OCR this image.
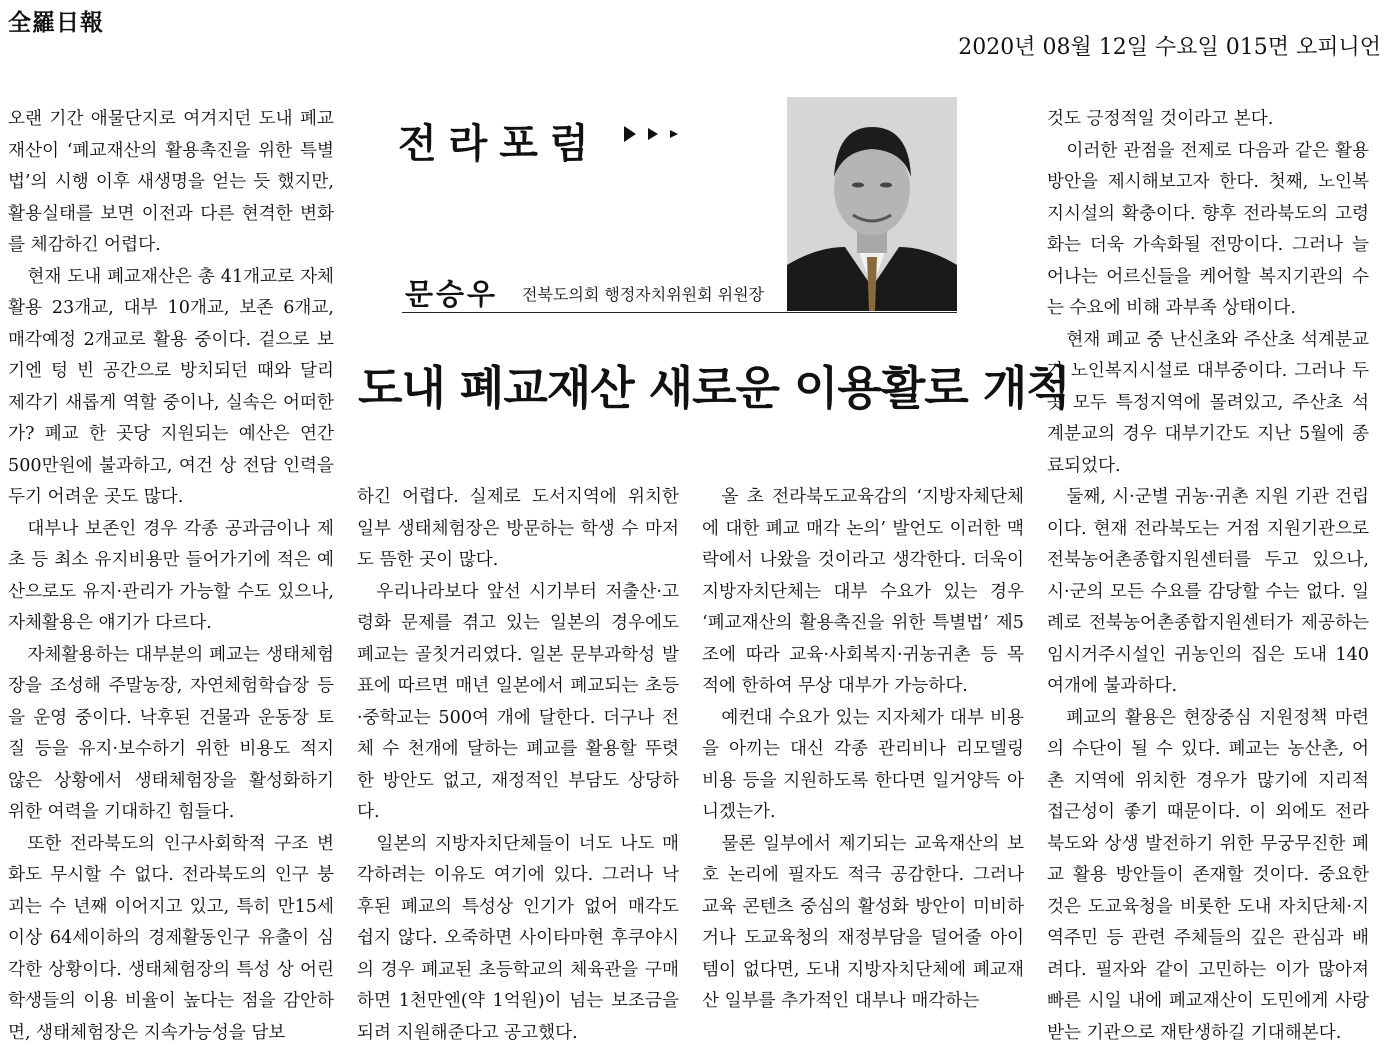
全羅日報
2020년 08월 12일 수요일 015면 오피니언
전라포럼
문승우 전북도의회 행정자치위원회 위원장
도내 폐교재산 새로운 이용활로 개척

오랜 기간 애물단지로 여겨지던 도내 폐교재산이 ‘폐교재산의 활용촉진을 위한 특별법’의 시행 이후 새생명을 얻는 듯 했지만, 활용실태를 보면 이전과 다른 현격한 변화를 체감하긴 어렵다.

현재 도내 폐교재산은 총 41개교로 자체활용 23개교, 대부 10개교, 보존 6개교, 매각예정 2개교로 활용 중이다. 겉으로 보기엔 텅 빈 공간으로 방치되던 때와 달리 제각기 새롭게 역할 중이나, 실속은 어떠한가? 폐교 한 곳당 지원되는 예산은 연간 500만원에 불과하고, 여건 상 전담 인력을 두기 어려운 곳도 많다.

대부나 보존인 경우 각종 공과금이나 제초 등 최소 유지비용만 들어가기에 적은 예산으로도 유지·관리가 가능할 수도 있으나, 자체활용은 얘기가 다르다.

자체활용하는 대부분의 폐교는 생태체험장을 조성해 주말농장, 자연체험학습장 등을 운영 중이다. 낙후된 건물과 운동장 토질 등을 유지·보수하기 위한 비용도 적지 않은 상황에서 생태체험장을 활성화하기 위한 여력을 기대하긴 힘들다.

또한 전라북도의 인구사회학적 구조 변화도 무시할 수 없다. 전라북도의 인구 붕괴는 수 년째 이어지고 있고, 특히 만15세 이상 64세이하의 경제활동인구 유출이 심각한 상황이다. 생태체험장의 특성 상 어린 학생들의 이용 비율이 높다는 점을 감안하면, 생태체험장은 지속가능성을 담보

하긴 어렵다. 실제로 도서지역에 위치한 일부 생태체험장은 방문하는 학생 수 마저도 뜸한 곳이 많다.

우리나라보다 앞선 시기부터 저출산·고령화 문제를 겪고 있는 일본의 경우에도 폐교는 골칫거리였다. 일본 문부과학성 발표에 따르면 매년 일본에서 폐교되는 초등·중학교는 500여 개에 달한다. 더구나 전체 수 천개에 달하는 폐교를 활용할 뚜렷한 방안도 없고, 재정적인 부담도 상당하다.

일본의 지방자치단체들이 너도 나도 매각하려는 이유도 여기에 있다. 그러나 낙후된 폐교의 특성상 인기가 없어 매각도 쉽지 않다. 오죽하면 사이타마현 후쿠야시의 경우 폐교된 초등학교의 체육관을 구매하면 1천만엔(약 1억원)이 넘는 보조금을 되려 지원해준다고 공고했다.

올 초 전라북도교육감의 ‘지방자체단체에 대한 폐교 매각 논의’ 발언도 이러한 맥락에서 나왔을 것이라고 생각한다. 더욱이 지방자치단체는 대부 수요가 있는 경우 ‘폐교재산의 활용촉진을 위한 특별법’ 제5조에 따라 교육·사회복지·귀농귀촌 등 목적에 한하여 무상 대부가 가능하다.

예컨대 수요가 있는 지자체가 대부 비용을 아끼는 대신 각종 관리비나 리모델링 비용 등을 지원하도록 한다면 일거양득 아니겠는가.

물론 일부에서 제기되는 교육재산의 보호 논리에 필자도 적극 공감한다. 그러나 교육 콘텐츠 중심의 활성화 방안이 미비하거나 도교육청의 재정부담을 덜어줄 아이템이 없다면, 도내 지방자치단체에 폐교재산 일부를 추가적인 대부나 매각하는

것도 긍정적일 것이라고 본다.

이러한 관점을 전제로 다음과 같은 활용방안을 제시해보고자 한다. 첫째, 노인복지시설의 확충이다. 향후 전라북도의 고령화는 더욱 가속화될 전망이다. 그러나 늘어나는 어르신들을 케어할 복지기관의 수는 수요에 비해 과부족 상태이다.

현재 폐교 중 난신초와 주산초 석계분교가 노인복지시설로 대부중이다. 그러나 두 곳 모두 특정지역에 몰려있고, 주산초 석계분교의 경우 대부기간도 지난 5월에 종료되었다.

둘째, 시·군별 귀농·귀촌 지원 기관 건립이다. 현재 전라북도는 거점 지원기관으로 전북농어촌종합지원센터를 두고 있으나, 시·군의 모든 수요를 감당할 수는 없다. 일례로 전북농어촌종합지원센터가 제공하는 임시거주시설인 귀농인의 집은 도내 140여개에 불과하다.

폐교의 활용은 현장중심 지원정책 마련의 수단이 될 수 있다. 폐교는 농산촌, 어촌 지역에 위치한 경우가 많기에 지리적 접근성이 좋기 때문이다. 이 외에도 전라북도와 상생 발전하기 위한 무궁무진한 폐교 활용 방안들이 존재할 것이다. 중요한 것은 도교육청을 비롯한 도내 자치단체·지역주민 등 관련 주체들의 깊은 관심과 배려다. 필자와 같이 고민하는 이가 많아져 빠른 시일 내에 폐교재산이 도민에게 사랑받는 기관으로 재탄생하길 기대해본다.
